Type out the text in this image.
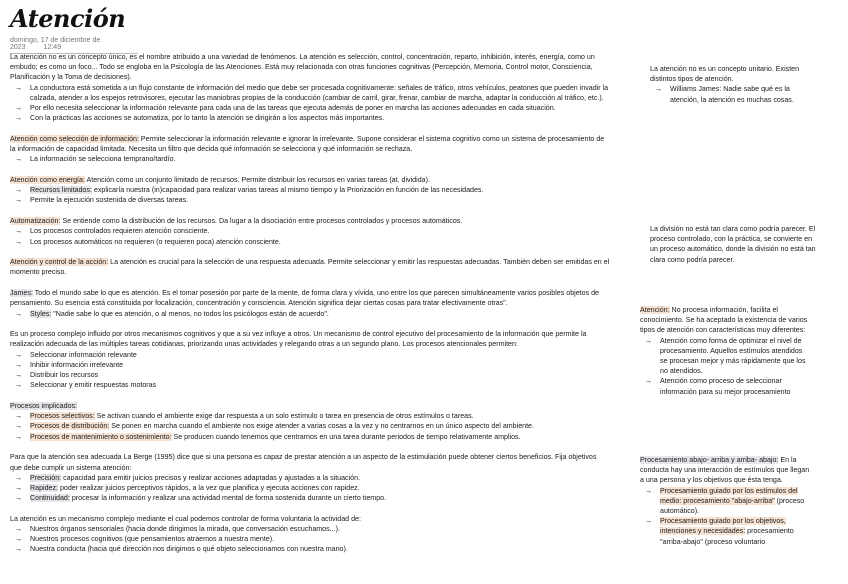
Atención
domingo, 17 de diciembre de 2023	12:49

La atención no es un concepto único, es el nombre atribuido a una variedad de fenómenos. La atención es selección, control, concentración, reparto, inhibición, interés, energía, como un embudo; es como un foco... Todo se engloba en la Psicología de las Atenciones. Está muy relacionada con otras funciones cognitivas (Percepción, Memoria, Control motor, Consciencia, Planificación y la Toma de decisiones).

→ La conductora está sometida a un flujo constante de información del medio que debe ser procesada cognitivamente: señales de tráfico, otros vehículos, peatones que pueden invadir la calzada, atender a los espejos retrovisores, ejecutar las maniobras propias de la conducción (cambiar de carril, girar, frenar, cambiar de marcha, adaptar la conducción al tráfico, etc.).

→ Por ello necesita seleccionar la información relevante para cada una de las tareas que ejecuta además de poner en marcha las acciones adecuadas en cada situación.

→ Con la prácticas las acciones se automatiza, por lo tanto la atención se dirigirán a los aspectos más importantes.

Atención como selección de información: Permite seleccionar la información relevante e ignorar la irrelevante. Supone considerar el sistema cognitivo como un sistema de procesamiento de la información de capacidad limitada. Necesita un filtro que decida qué información se selecciona y qué información se rechaza.

→ La información se selecciona temprano/tardío.

Atención como energía: Atención como un conjunto limitado de recursos. Permite distribuir los recursos en varias tareas (at. dividida).

→ Recursos limitados: explicaría nuestra (in)capacidad para realizar varias tareas al mismo tiempo y la Priorización en función de las necesidades.

→ Permite la ejecución sostenida de diversas tareas.

Automatización: Se entiende como la distribución de los recursos. Da lugar a la disociación entre procesos controlados y procesos automáticos.

→ Los procesos controlados requieren atención consciente.

→ Los procesos automáticos no requieren (o requieren poca) atención consciente.

Atención y control de la acción: La atención es crucial para la selección de una respuesta adecuada. Permite seleccionar y emitir las respuestas adecuadas. También deben ser emitidas en el momento preciso.

James: Todo el mundo sabe lo que es atención. Es el tomar posesión por parte de la mente, de forma clara y vívida, uno entre los que parecen simultáneamente varios posibles objetos de pensamiento. Su esencia está constituida por focalización, concentración y consciencia. Atención significa dejar ciertas cosas para tratar efectivamente otras".

→ Styles: "Nadie sabe lo que es atención, o al menos, no todos los psicólogos están de acuerdo".

Es un proceso complejo influido por otros mecanismos cognitivos y que a su vez influye a otros. Un mecanismo de control ejecutivo del procesamiento de la información que permite la realización adecuada de las múltiples tareas cotidianas, priorizando unas actividades y relegando otras a un segundo plano. Los procesos atencionales permiten:

→ Seleccionar información relevante

→ Inhibir información irrelevante

→ Distribuir los recursos

→ Seleccionar y emitir respuestas motoras

Procesos implicados:

→ Procesos selectivos: Se activan cuando el ambiente exige dar respuesta a un solo estímulo o tarea en presencia de otros estímulos o tareas.

→ Procesos de distribución: Se ponen en marcha cuando el ambiente nos exige atender a varias cosas a la vez y no centrarnos en un único aspecto del ambiente.

→ Procesos de mantenimiento o sostenimiento: Se producen cuando tenemos que centrarnos en una tarea durante periodos de tiempo relativamente amplios.

Para que la atención sea adecuada La Berge (1995) dice que si una persona es capaz de prestar atención a un aspecto de la estimulación puede obtener ciertos beneficios. Fija objetivos que debe cumplir un sistema atención:

→ Precisión: capacidad para emitir juicios precisos y realizar acciones adaptadas y ajustadas a la situación.

→ Rapidez: poder realizar juicios perceptivos rápidos, a la vez que planifica y ejecuta acciones con rapidez.

→ Continuidad: procesar la información y realizar una actividad mental de forma sostenida durante un cierto tiempo.

La atención es un mecanismo complejo mediante el cual podemos controlar de forma voluntaria la actividad de:

→ Nuestros órganos sensoriales (hacia donde dirigimos la mirada, que conversación escuchamos...).

→ Nuestros procesos cognitivos (que pensamientos atraemos a nuestra mente).

→ Nuestra conducta (hacia qué dirección nos dirigimos o qué objeto seleccionamos con nuestra mano).

La atención no es un concepto unitario. Existen distintos tipos de atención.

→ Williams James: Nadie sabe qué es la atención, la atención es muchas cosas.

La división no está tan clara como podría parecer. El proceso controlado, con la práctica, se convierte en un proceso automático, donde la división no está tan clara como podría parecer.

Atención: No procesa información, facilita el conocimiento. Se ha aceptado la existencia de varios tipos de atención con características muy diferentes:

→ Atención como forma de optimizar el nivel de procesamiento. Aquellos estímulos atendidos se procesan mejor y más rápidamente que los no atendidos.

→ Atención como proceso de seleccionar información para su mejor procesamiento

Procesamiento abajo- arriba y arriba- abajo: En la conducta hay una interacción de estímulos que llegan a una persona y los objetivos que ésta tenga.

→ Procesamiento guiado por los estímulos del medio: procesamiento "abajo-arriba" (proceso automático).

→ Procesamiento guiado por los objetivos, intenciones y necesidades: procesamiento "arriba-abajo" (proceso voluntario
